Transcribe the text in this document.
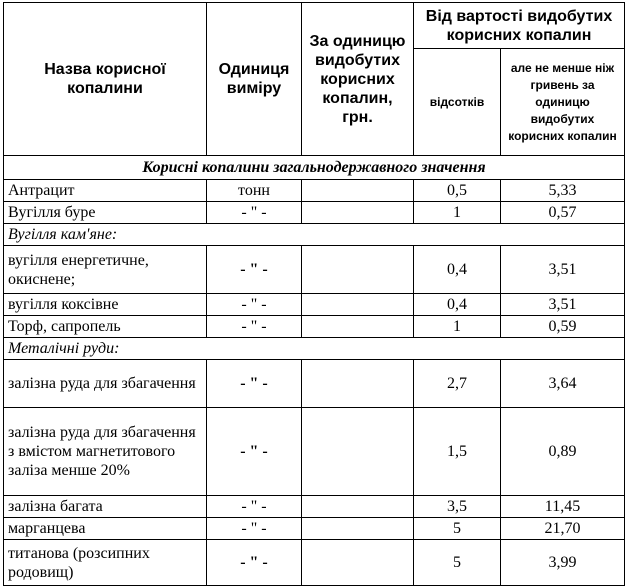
Назва корисної копалини	Одиниця виміру	За одиницю видобутих корисних копалин, грн.	Від вартості видобутих корисних копалин	
			відсотків	але не менше ніж гривень за одиницю видобутих корисних копалин
Корисні копалини загальнодержавного значення				
Антрацит	тонн		0,5	5,33
Вугілля буре	- " -		1	0,57
Вугілля кам'яне:				
вугілля енергетичне, окиснене;	- " -		0,4	3,51
вугілля коксівне	- " -		0,4	3,51
Торф, сапропель	- " -		1	0,59
Металічні руди:				
залізна руда для збагачення	- " -		2,7	3,64
залізна руда для збагачення з вмістом магнетитового заліза менше 20%	- " -		1,5	0,89
залізна багата	- " -		3,5	11,45
марганцева	- " -		5	21,70
титанова (розсипних родовищ)	- " -		5	3,99
